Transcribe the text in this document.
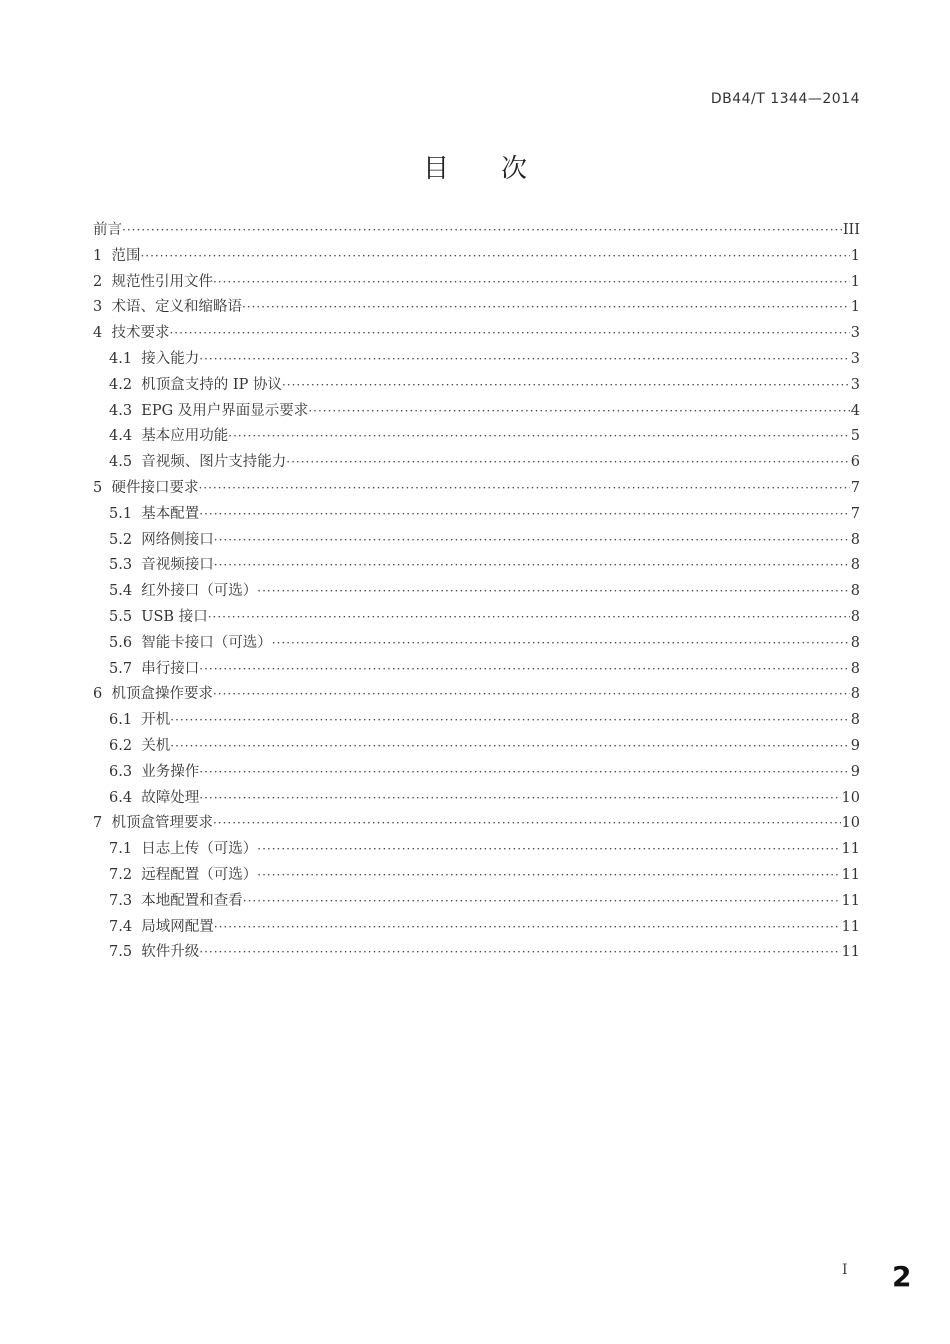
DB44/T 1344—2014
目次
前言 ·····	III
1  范围 ·····	1
2  规范性引用文件 ·····	1
3  术语、定义和缩略语 ·····	1
4  技术要求 ·····	3
4.1  接入能力 ·····	3
4.2  机顶盒支持的 IP 协议 ·····	3
4.3  EPG 及用户界面显示要求 ·····	4
4.4  基本应用功能 ·····	5
4.5  音视频、图片支持能力 ·····	6
5  硬件接口要求 ·····	7
5.1  基本配置 ·····	7
5.2  网络侧接口 ·····	8
5.3  音视频接口 ·····	8
5.4  红外接口（可选） ·····	8
5.5  USB 接口 ·····	8
5.6  智能卡接口（可选） ·····	8
5.7  串行接口 ·····	8
6  机顶盒操作要求 ·····	8
6.1  开机 ·····	8
6.2  关机 ·····	9
6.3  业务操作 ·····	9
6.4  故障处理 ·····	10
7  机顶盒管理要求 ·····	10
7.1  日志上传（可选） ·····	11
7.2  远程配置（可选） ·····	11
7.3  本地配置和查看 ·····	11
7.4  局域网配置 ·····	11
7.5  软件升级 ·····	11
I 2
